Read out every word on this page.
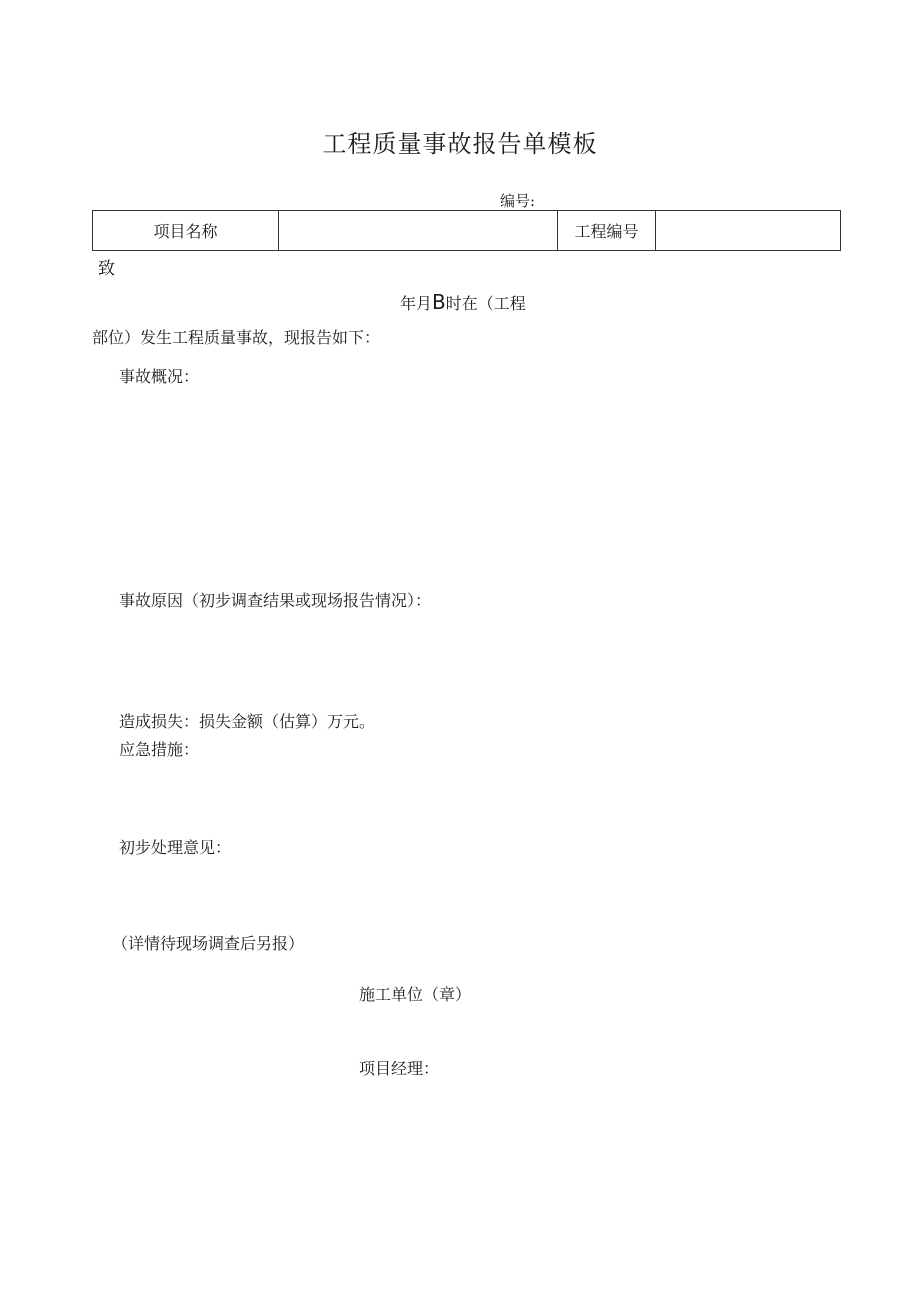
工程质量事故报告单模板
编号:
项目名称		工程编号	
致
年月B时在（工程
部位）发生工程质量事故，现报告如下：
事故概况：
事故原因（初步调查结果或现场报告情况）：
造成损失：损失金额（估算）万元。
应急措施：
初步处理意见：
（详情待现场调查后另报）
施工单位（章）
项目经理：
